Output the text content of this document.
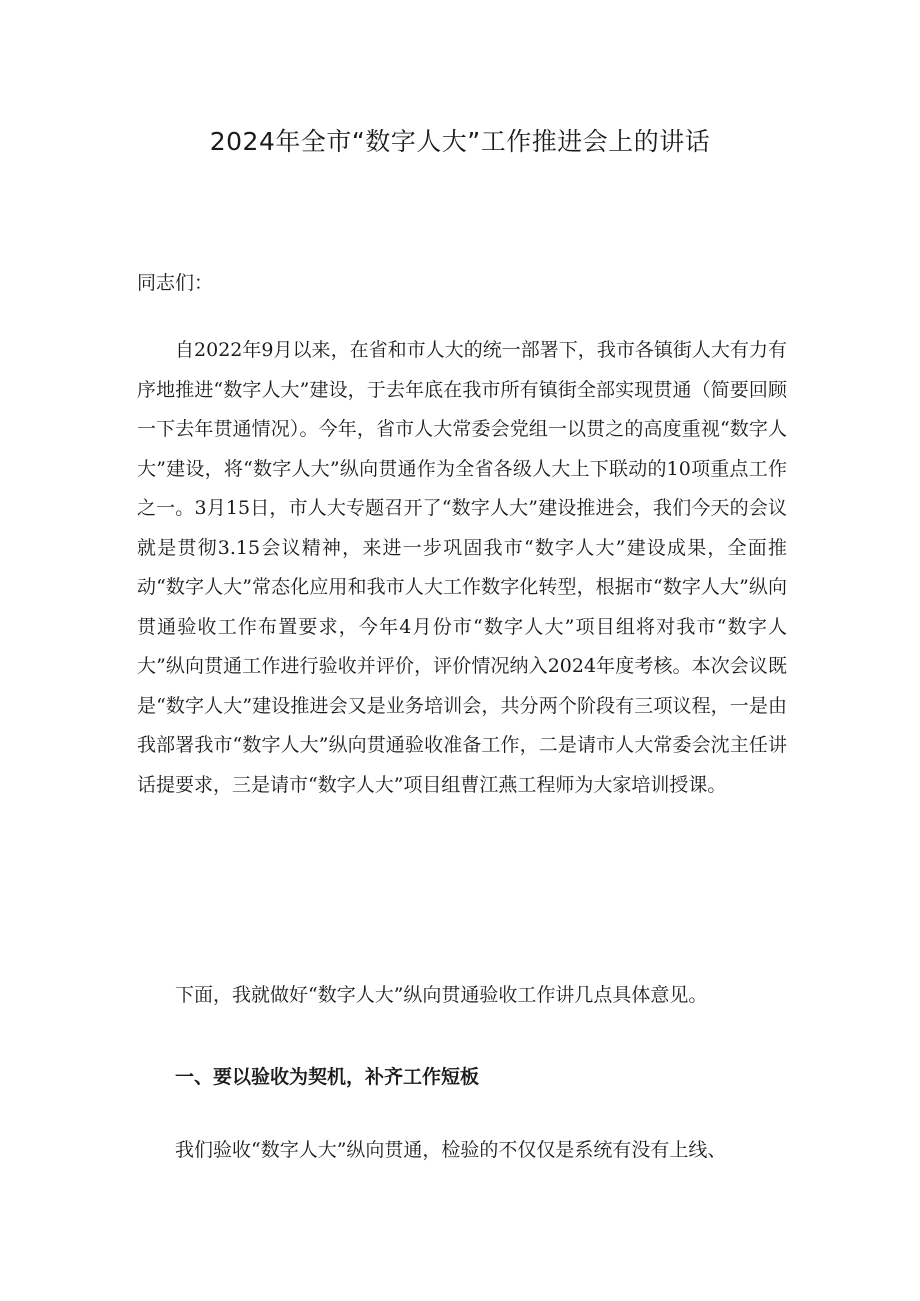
2024年全市“数字人大”工作推进会上的讲话
同志们：

自2022年9月以来，在省和市人大的统一部署下，我市各镇街人大有力有序地推进“数字人大”建设，于去年底在我市所有镇街全部实现贯通（简要回顾一下去年贯通情况）。今年，省市人大常委会党组一以贯之的高度重视“数字人大”建设，将“数字人大”纵向贯通作为全省各级人大上下联动的10项重点工作之一。3月15日，市人大专题召开了“数字人大”建设推进会，我们今天的会议就是贯彻3.15会议精神，来进一步巩固我市“数字人大”建设成果，全面推动“数字人大”常态化应用和我市人大工作数字化转型，根据市“数字人大”纵向贯通验收工作布置要求，今年4月份市“数字人大”项目组将对我市“数字人大”纵向贯通工作进行验收并评价，评价情况纳入2024年度考核。本次会议既是“数字人大”建设推进会又是业务培训会，共分两个阶段有三项议程，一是由我部署我市“数字人大”纵向贯通验收准备工作，二是请市人大常委会沈主任讲话提要求，三是请市“数字人大”项目组曹江燕工程师为大家培训授课。

下面，我就做好“数字人大”纵向贯通验收工作讲几点具体意见。

一、要以验收为契机，补齐工作短板

我们验收“数字人大”纵向贯通，检验的不仅仅是系统有没有上线、
